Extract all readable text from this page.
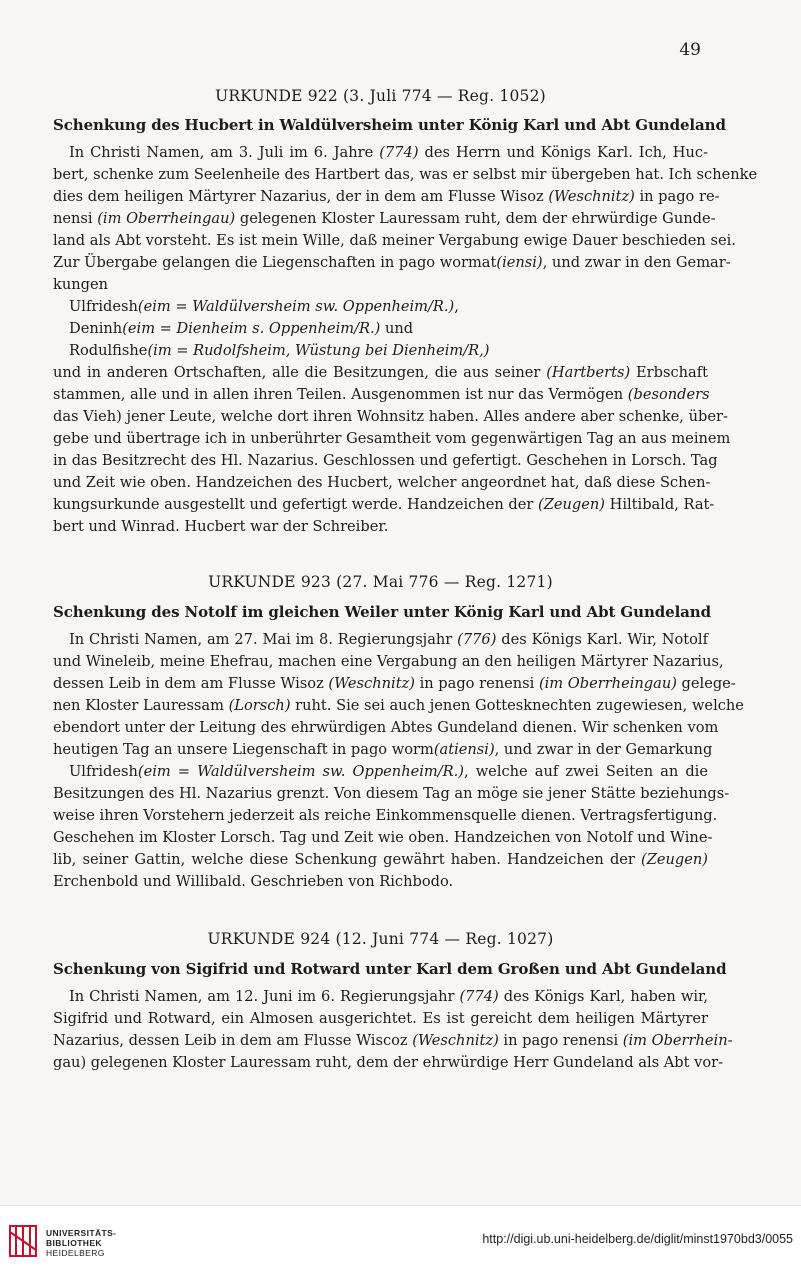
49

URKUNDE 922 (3. Juli 774 — Reg. 1052)

Schenkung des Hucbert in Waldülversheim unter König Karl und Abt Gundeland

In Christi Namen, am 3. Juli im 6. Jahre (774) des Herrn und Königs Karl. Ich, Huc-
bert, schenke zum Seelenheile des Hartbert das, was er selbst mir übergeben hat. Ich schenke
dies dem heiligen Märtyrer Nazarius, der in dem am Flusse Wisoz (Weschnitz) in pago re-
nensi (im Oberrheingau) gelegenen Kloster Lauressam ruht, dem der ehrwürdige Gunde-
land als Abt vorsteht. Es ist mein Wille, daß meiner Vergabung ewige Dauer beschieden sei.
Zur Übergabe gelangen die Liegenschaften in pago wormat(iensi), und zwar in den Gemar-
kungen
Ulfridesh(eim = Waldülversheim sw. Oppenheim/R.),
Deninh(eim = Dienheim s. Oppenheim/R.) und
Rodulfishe(im = Rudolfsheim, Wüstung bei Dienheim/R,)
und in anderen Ortschaften, alle die Besitzungen, die aus seiner (Hartberts) Erbschaft
stammen, alle und in allen ihren Teilen. Ausgenommen ist nur das Vermögen (besonders
das Vieh) jener Leute, welche dort ihren Wohnsitz haben. Alles andere aber schenke, über-
gebe und übertrage ich in unberührter Gesamtheit vom gegenwärtigen Tag an aus meinem
in das Besitzrecht des Hl. Nazarius. Geschlossen und gefertigt. Geschehen in Lorsch. Tag
und Zeit wie oben. Handzeichen des Hucbert, welcher angeordnet hat, daß diese Schen-
kungsurkunde ausgestellt und gefertigt werde. Handzeichen der (Zeugen) Hiltibald, Rat-
bert und Winrad. Hucbert war der Schreiber.

URKUNDE 923 (27. Mai 776 — Reg. 1271)

Schenkung des Notolf im gleichen Weiler unter König Karl und Abt Gundeland

In Christi Namen, am 27. Mai im 8. Regierungsjahr (776) des Königs Karl. Wir, Notolf
und Wineleib, meine Ehefrau, machen eine Vergabung an den heiligen Märtyrer Nazarius,
dessen Leib in dem am Flusse Wisoz (Weschnitz) in pago renensi (im Oberrheingau) gelege-
nen Kloster Lauressam (Lorsch) ruht. Sie sei auch jenen Gottesknechten zugewiesen, welche
ebendort unter der Leitung des ehrwürdigen Abtes Gundeland dienen. Wir schenken vom
heutigen Tag an unsere Liegenschaft in pago worm(atiensi), und zwar in der Gemarkung
Ulfridesh(eim = Waldülversheim sw. Oppenheim/R.), welche auf zwei Seiten an die
Besitzungen des Hl. Nazarius grenzt. Von diesem Tag an möge sie jener Stätte beziehungs-
weise ihren Vorstehern jederzeit als reiche Einkommensquelle dienen. Vertragsfertigung.
Geschehen im Kloster Lorsch. Tag und Zeit wie oben. Handzeichen von Notolf und Wine-
lib, seiner Gattin, welche diese Schenkung gewährt haben. Handzeichen der (Zeugen)
Erchenbold und Willibald. Geschrieben von Richbodo.

URKUNDE 924 (12. Juni 774 — Reg. 1027)

Schenkung von Sigifrid und Rotward unter Karl dem Großen und Abt Gundeland

In Christi Namen, am 12. Juni im 6. Regierungsjahr (774) des Königs Karl, haben wir,
Sigifrid und Rotward, ein Almosen ausgerichtet. Es ist gereicht dem heiligen Märtyrer
Nazarius, dessen Leib in dem am Flusse Wiscoz (Weschnitz) in pago renensi (im Oberrhein-
gau) gelegenen Kloster Lauressam ruht, dem der ehrwürdige Herr Gundeland als Abt vor-
UNIVERSITÄTS-
BIBLIOTHEK
HEIDELBERG
http://digi.ub.uni-heidelberg.de/diglit/minst1970bd3/0055
